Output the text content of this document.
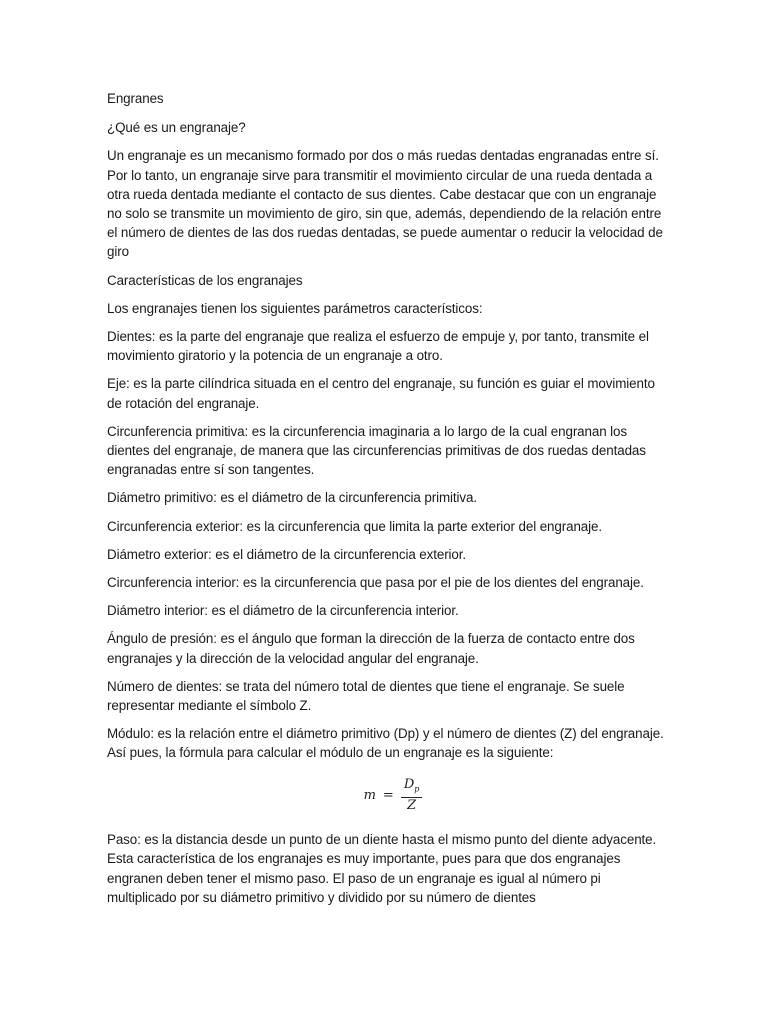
Engranes

¿Qué es un engranaje?

Un engranaje es un mecanismo formado por dos o más ruedas dentadas engranadas entre sí. Por lo tanto, un engranaje sirve para transmitir el movimiento circular de una rueda dentada a otra rueda dentada mediante el contacto de sus dientes. Cabe destacar que con un engranaje no solo se transmite un movimiento de giro, sin que, además, dependiendo de la relación entre el número de dientes de las dos ruedas dentadas, se puede aumentar o reducir la velocidad de giro

Características de los engranajes

Los engranajes tienen los siguientes parámetros característicos:

Dientes: es la parte del engranaje que realiza el esfuerzo de empuje y, por tanto, transmite el movimiento giratorio y la potencia de un engranaje a otro.

Eje: es la parte cilíndrica situada en el centro del engranaje, su función es guiar el movimiento de rotación del engranaje.

Circunferencia primitiva: es la circunferencia imaginaria a lo largo de la cual engranan los dientes del engranaje, de manera que las circunferencias primitivas de dos ruedas dentadas engranadas entre sí son tangentes.

Diámetro primitivo: es el diámetro de la circunferencia primitiva.

Circunferencia exterior: es la circunferencia que limita la parte exterior del engranaje.

Diámetro exterior: es el diámetro de la circunferencia exterior.

Circunferencia interior: es la circunferencia que pasa por el pie de los dientes del engranaje.

Diámetro interior: es el diámetro de la circunferencia interior.

Ángulo de presión: es el ángulo que forman la dirección de la fuerza de contacto entre dos engranajes y la dirección de la velocidad angular del engranaje.

Número de dientes: se trata del número total de dientes que tiene el engranaje. Se suele representar mediante el símbolo Z.

Módulo: es la relación entre el diámetro primitivo (Dp) y el número de dientes (Z) del engranaje. Así pues, la fórmula para calcular el módulo de un engranaje es la siguiente:

$m = \frac{D_p}{Z}$

Paso: es la distancia desde un punto de un diente hasta el mismo punto del diente adyacente. Esta característica de los engranajes es muy importante, pues para que dos engranajes engranen deben tener el mismo paso. El paso de un engranaje es igual al número pi multiplicado por su diámetro primitivo y dividido por su número de dientes
